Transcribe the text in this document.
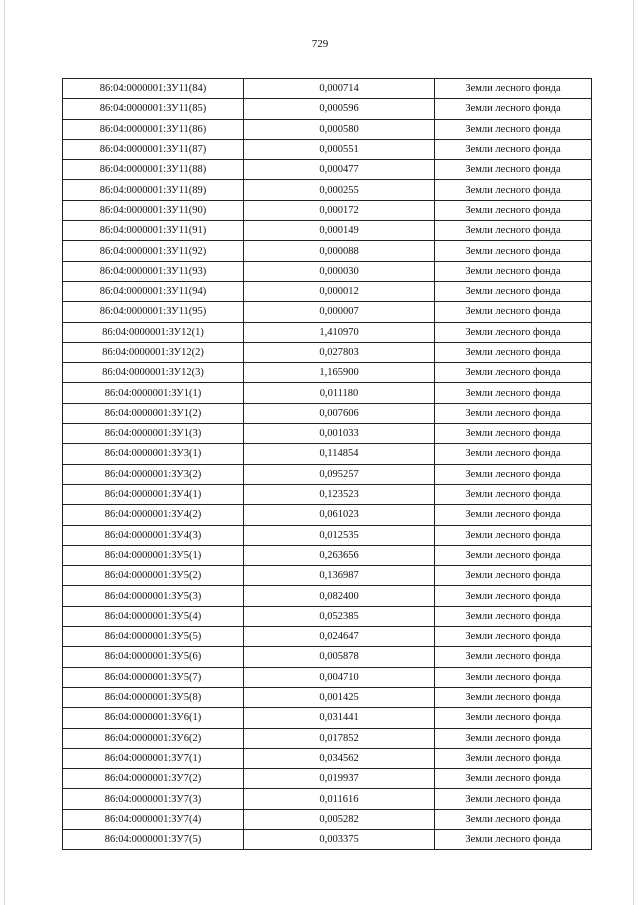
729
86:04:0000001:ЗУ11(84)	0,000714	Земли лесного фонда
86:04:0000001:ЗУ11(85)	0,000596	Земли лесного фонда
86:04:0000001:ЗУ11(86)	0,000580	Земли лесного фонда
86:04:0000001:ЗУ11(87)	0,000551	Земли лесного фонда
86:04:0000001:ЗУ11(88)	0,000477	Земли лесного фонда
86:04:0000001:ЗУ11(89)	0,000255	Земли лесного фонда
86:04:0000001:ЗУ11(90)	0,000172	Земли лесного фонда
86:04:0000001:ЗУ11(91)	0,000149	Земли лесного фонда
86:04:0000001:ЗУ11(92)	0,000088	Земли лесного фонда
86:04:0000001:ЗУ11(93)	0,000030	Земли лесного фонда
86:04:0000001:ЗУ11(94)	0,000012	Земли лесного фонда
86:04:0000001:ЗУ11(95)	0,000007	Земли лесного фонда
86:04:0000001:ЗУ12(1)	1,410970	Земли лесного фонда
86:04:0000001:ЗУ12(2)	0,027803	Земли лесного фонда
86:04:0000001:ЗУ12(3)	1,165900	Земли лесного фонда
86:04:0000001:ЗУ1(1)	0,011180	Земли лесного фонда
86:04:0000001:ЗУ1(2)	0,007606	Земли лесного фонда
86:04:0000001:ЗУ1(3)	0,001033	Земли лесного фонда
86:04:0000001:ЗУ3(1)	0,114854	Земли лесного фонда
86:04:0000001:ЗУ3(2)	0,095257	Земли лесного фонда
86:04:0000001:ЗУ4(1)	0,123523	Земли лесного фонда
86:04:0000001:ЗУ4(2)	0,061023	Земли лесного фонда
86:04:0000001:ЗУ4(3)	0,012535	Земли лесного фонда
86:04:0000001:ЗУ5(1)	0,263656	Земли лесного фонда
86:04:0000001:ЗУ5(2)	0,136987	Земли лесного фонда
86:04:0000001:ЗУ5(3)	0,082400	Земли лесного фонда
86:04:0000001:ЗУ5(4)	0,052385	Земли лесного фонда
86:04:0000001:ЗУ5(5)	0,024647	Земли лесного фонда
86:04:0000001:ЗУ5(6)	0,005878	Земли лесного фонда
86:04:0000001:ЗУ5(7)	0,004710	Земли лесного фонда
86:04:0000001:ЗУ5(8)	0,001425	Земли лесного фонда
86:04:0000001:ЗУ6(1)	0,031441	Земли лесного фонда
86:04:0000001:ЗУ6(2)	0,017852	Земли лесного фонда
86:04:0000001:ЗУ7(1)	0,034562	Земли лесного фонда
86:04:0000001:ЗУ7(2)	0,019937	Земли лесного фонда
86:04:0000001:ЗУ7(3)	0,011616	Земли лесного фонда
86:04:0000001:ЗУ7(4)	0,005282	Земли лесного фонда
86:04:0000001:ЗУ7(5)	0,003375	Земли лесного фонда
